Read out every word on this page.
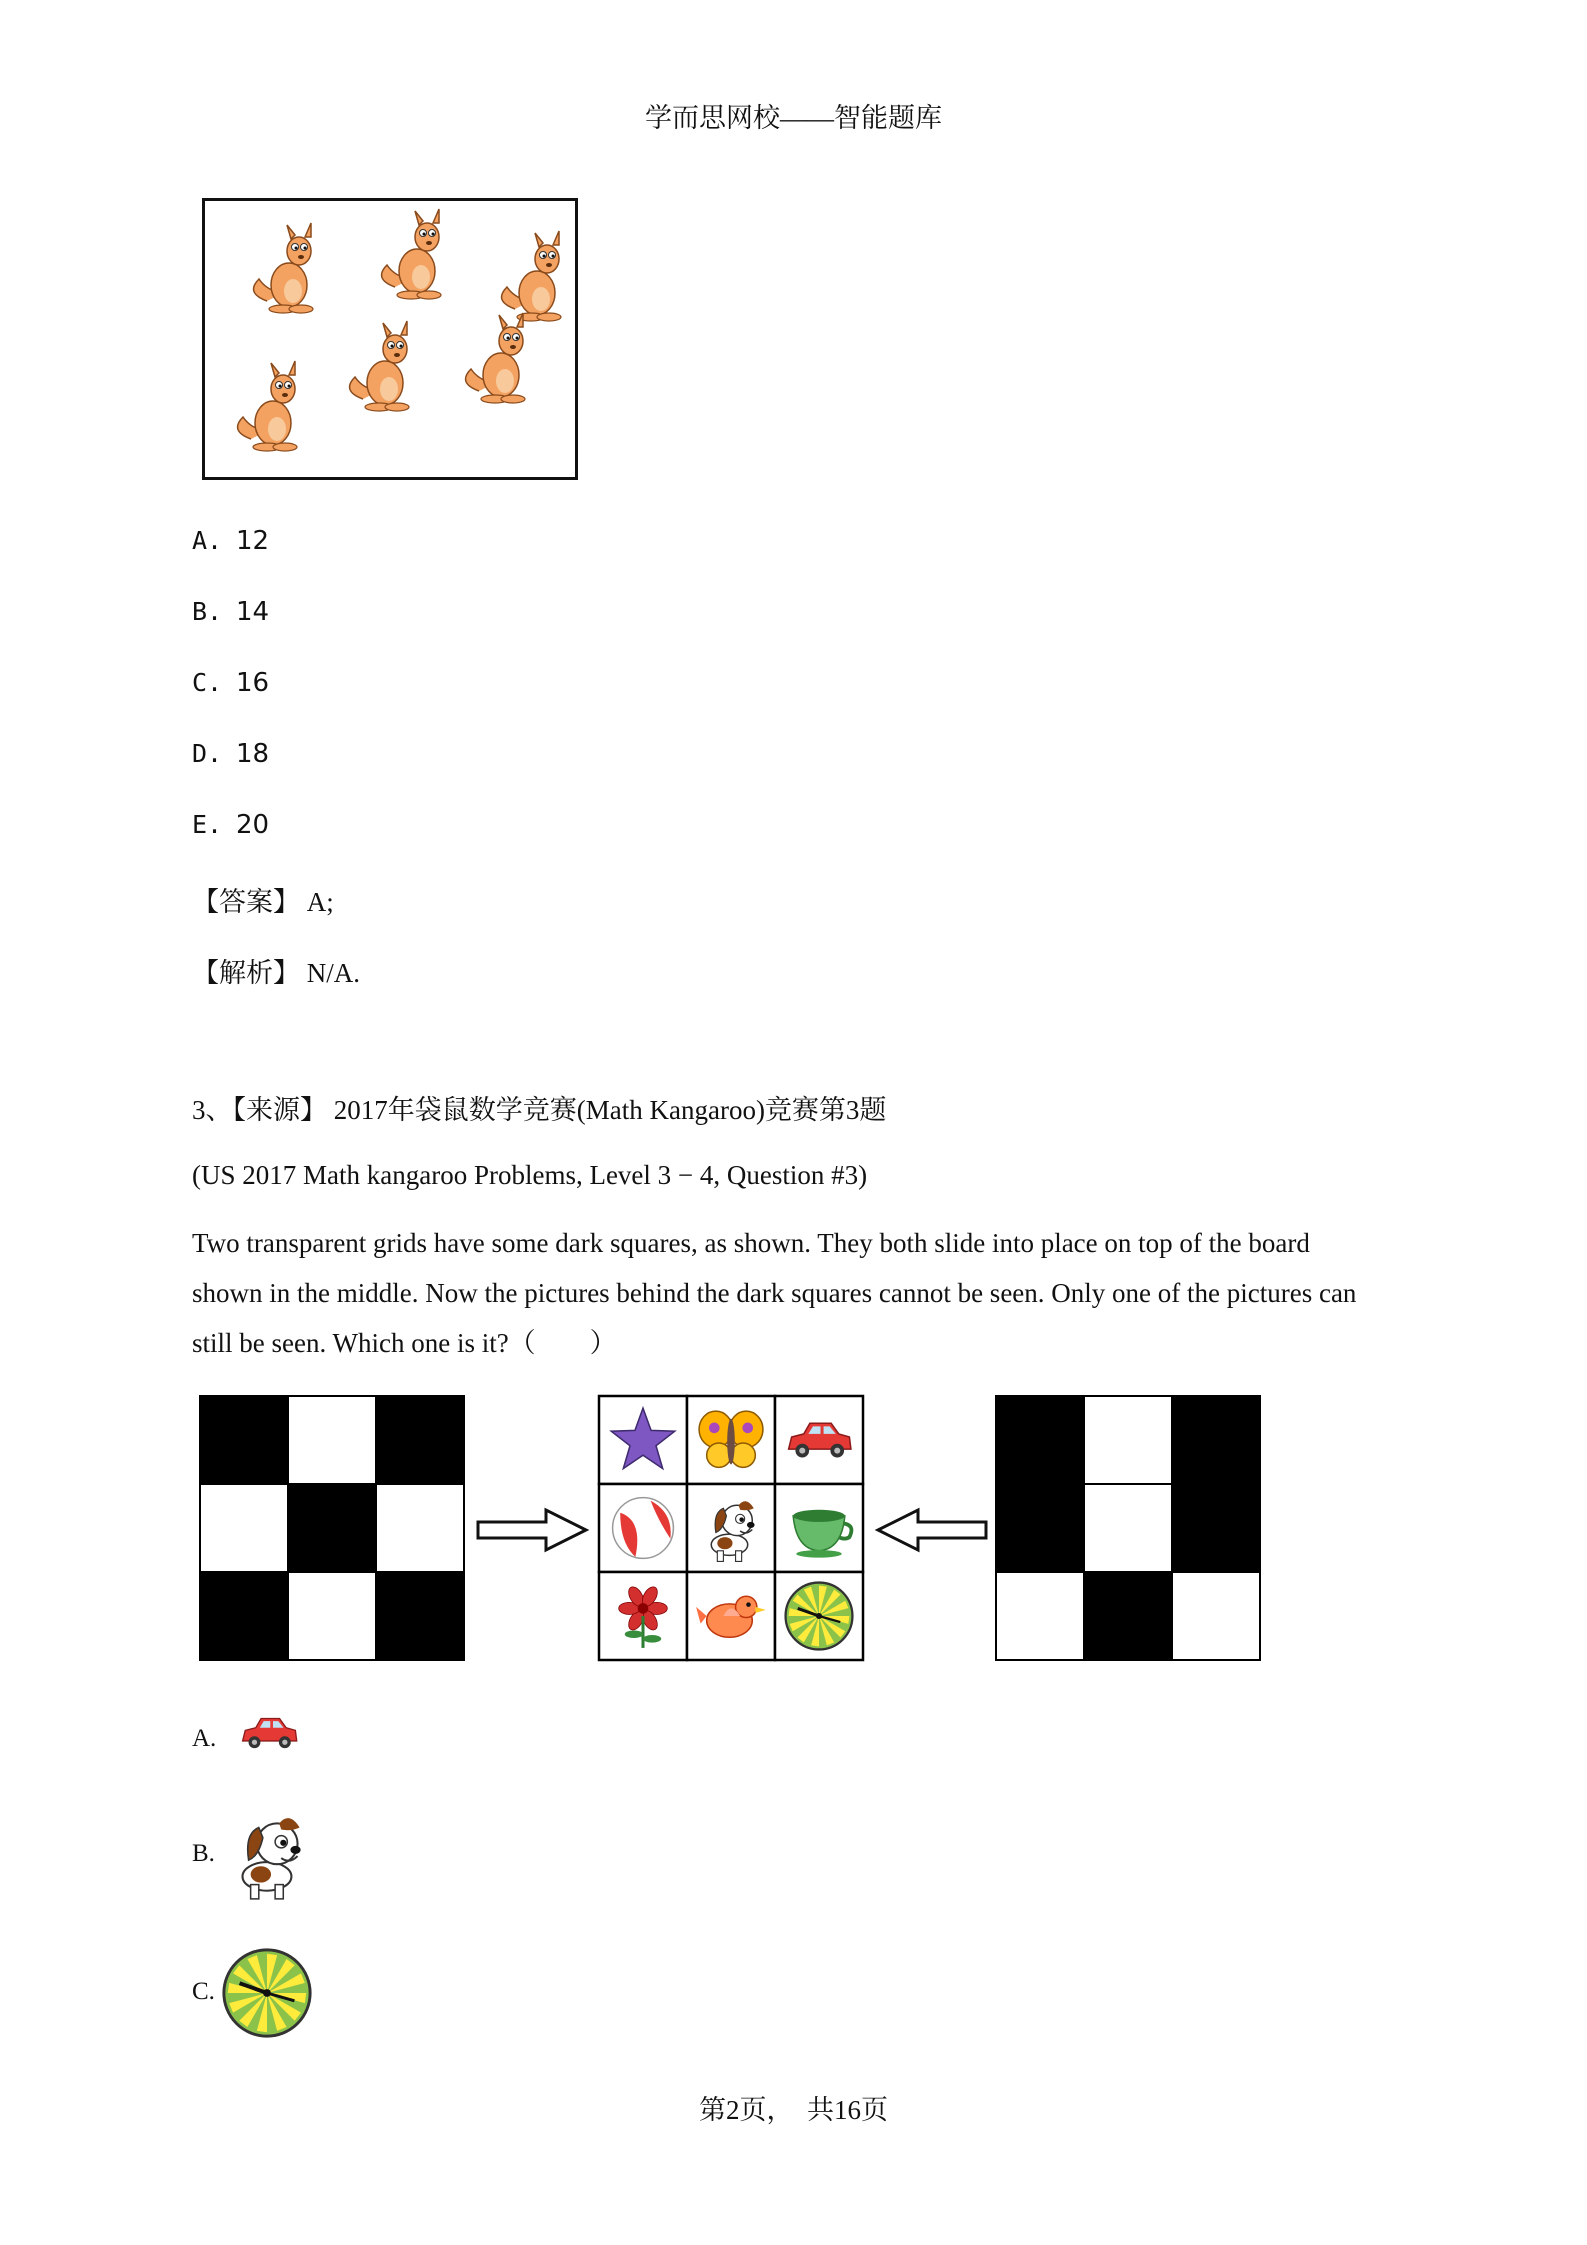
学而思网校——智能题库
A. 12
B. 14
C. 16
D. 18
E. 20
【答案】 A;
【解析】 N/A.
3、【来源】 2017年袋鼠数学竞赛(Math Kangaroo)竞赛第3题
(US 2017 Math kangaroo Problems, Level 3 − 4, Question #3)
Two transparent grids have some dark squares, as shown. They both slide into place on top of the board shown in the middle. Now the pictures behind the dark squares cannot be seen. Only one of the pictures can still be seen. Which one is it?（　　）
A.
B.
C.
第2页，　共16页
